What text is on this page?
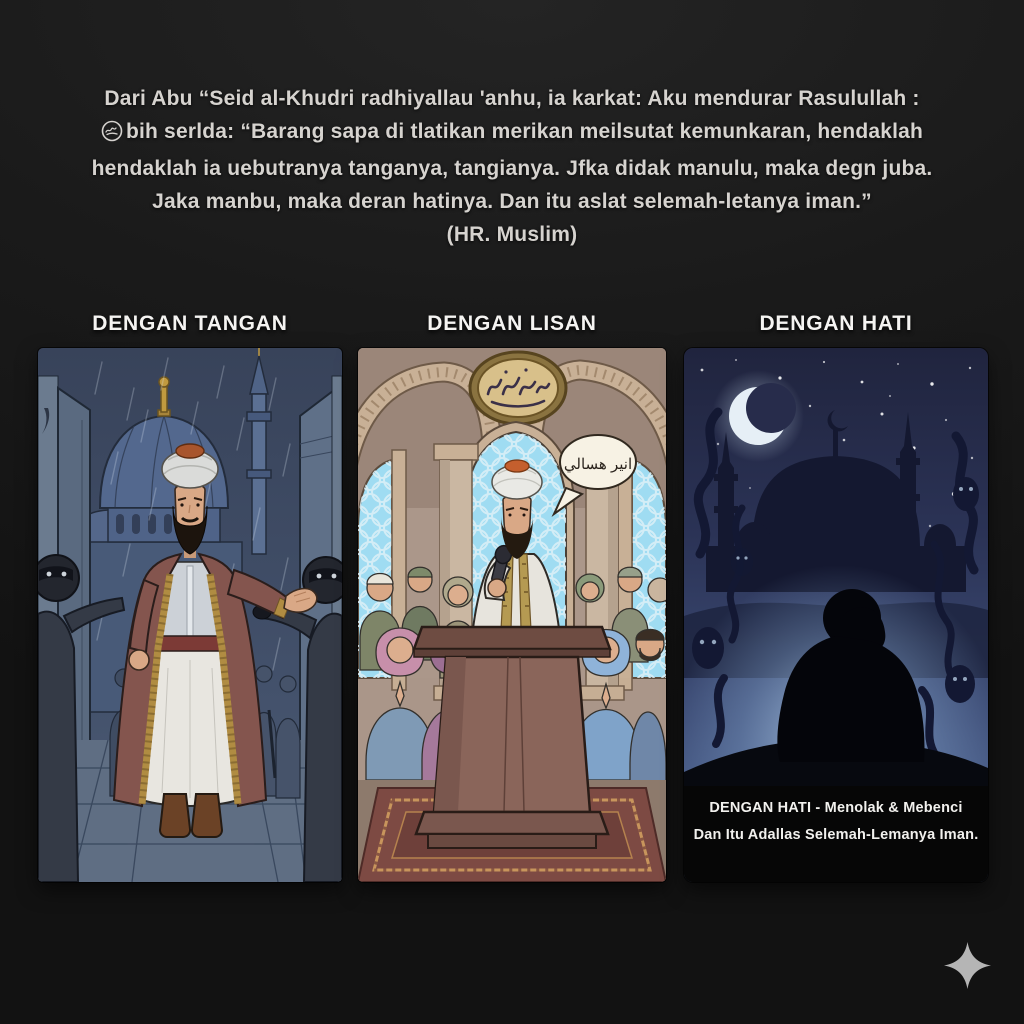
Dari Abu “Seid al-Khudri radhiyallau 'anhu, ia karkat: Aku mendurar Rasulullah :

bih serlda: “Barang sapa di tlatikan merikan meilsutat kemunkaran, hendaklah

hendaklah ia uebutranya tanganya, tangianya. Jfka didak manulu, maka degn juba.

Jaka manbu, maka deran hatinya. Dan itu aslat selemah-letanya iman.”

(HR. Muslim)

DENGAN TANGAN	DENGAN LISAN	DENGAN HATI
انير هسالي
DENGAN HATI - Menolak & Mebenci
Dan Itu Adallas Selemah-Lemanya Iman.
